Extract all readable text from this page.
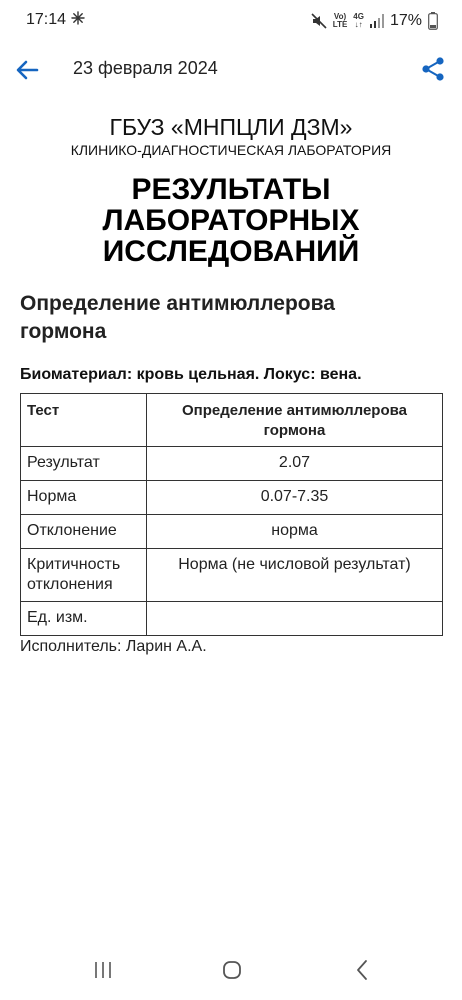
17:14	Vo)
LTE
4G
↓↑ 17%
23 февраля 2024
ГБУЗ «МНПЦЛИ ДЗМ»
КЛИНИКО-ДИАГНОСТИЧЕСКАЯ ЛАБОРАТОРИЯ
РЕЗУЛЬТАТЫ
ЛАБОРАТОРНЫХ
ИССЛЕДОВАНИЙ
Определение антимюллерова
гормона
Биоматериал: кровь цельная. Локус: вена.
Тест	Определение антимюллерова
гормона

Результат	2.07
Норма	0.07-7.35
Отклонение	норма

Критичность
отклонения	Норма (не числовой результат)
Ед. изм.	
Исполнитель: Ларин А.А.
